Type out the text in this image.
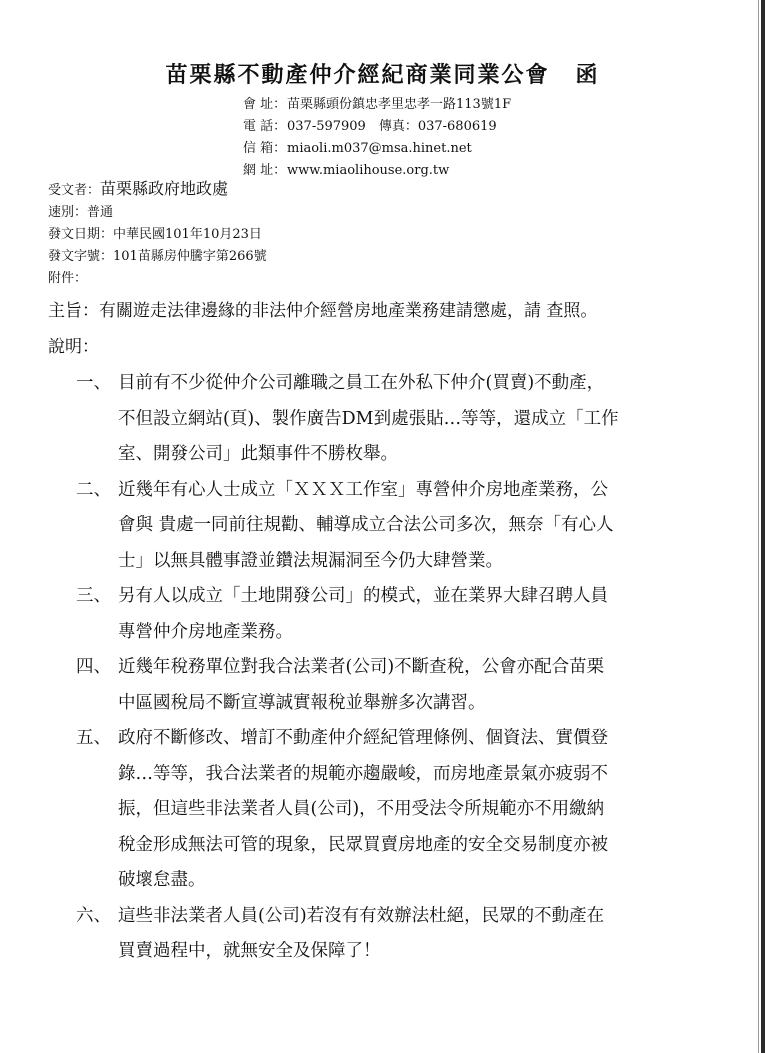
苗栗縣不動產仲介經紀商業同業公會 函
會 址：苗栗縣頭份鎮忠孝里忠孝一路113號1F
電 話：037-597909　傳真：037-680619
信 箱：miaoli.m037@msa.hinet.net
網 址：www.miaolihouse.org.tw
受文者：苗栗縣政府地政處
速別：普通
發文日期：中華民國101年10月23日
發文字號：101苗縣房仲騰字第266號
附件：
主旨：有關遊走法律邊緣的非法仲介經營房地產業務建請懲處，請 查照。
說明：
一、 目前有不少從仲介公司離職之員工在外私下仲介(買賣)不動產，
不但設立網站(頁)、製作廣告DM到處張貼…等等，還成立「工作
室、開發公司」此類事件不勝枚舉。
二、 近幾年有心人士成立「ＸＸＸ工作室」專營仲介房地產業務，公
會與 貴處一同前往規勸、輔導成立合法公司多次，無奈「有心人
士」以無具體事證並鑽法規漏洞至今仍大肆營業。
三、 另有人以成立「土地開發公司」的模式，並在業界大肆召聘人員
專營仲介房地產業務。
四、 近幾年稅務單位對我合法業者(公司)不斷查稅，公會亦配合苗栗
中區國稅局不斷宣導誠實報稅並舉辦多次講習。
五、 政府不斷修改、增訂不動產仲介經紀管理條例、個資法、實價登
錄…等等，我合法業者的規範亦趨嚴峻，而房地產景氣亦疲弱不
振，但這些非法業者人員(公司)，不用受法令所規範亦不用繳納
稅金形成無法可管的現象，民眾買賣房地產的安全交易制度亦被
破壞怠盡。
六、 這些非法業者人員(公司)若沒有有效辦法杜絕，民眾的不動產在
買賣過程中，就無安全及保障了！
